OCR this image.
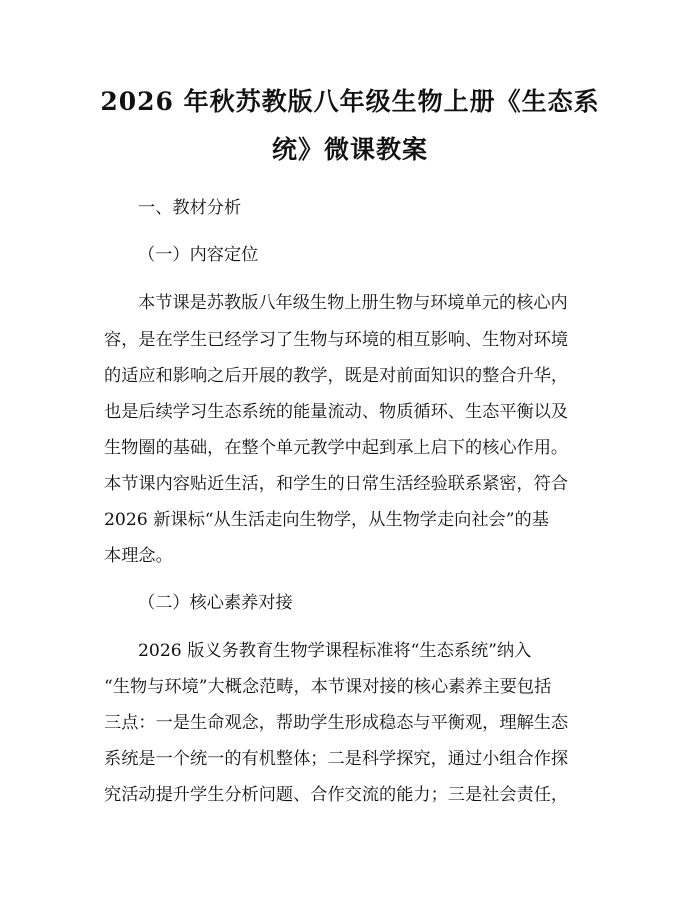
2026 年秋苏教版八年级生物上册《生态系
统》微课教案

一、教材分析

（一）内容定位

本节课是苏教版八年级生物上册生物与环境单元的核心内

容，是在学生已经学习了生物与环境的相互影响、生物对环境

的适应和影响之后开展的教学，既是对前面知识的整合升华，

也是后续学习生态系统的能量流动、物质循环、生态平衡以及

生物圈的基础，在整个单元教学中起到承上启下的核心作用。

本节课内容贴近生活，和学生的日常生活经验联系紧密，符合

2026 新课标“从生活走向生物学，从生物学走向社会”的基

本理念。

（二）核心素养对接

2026 版义务教育生物学课程标准将“生态系统”纳入

“生物与环境”大概念范畴，本节课对接的核心素养主要包括

三点：一是生命观念，帮助学生形成稳态与平衡观，理解生态

系统是一个统一的有机整体；二是科学探究，通过小组合作探

究活动提升学生分析问题、合作交流的能力；三是社会责任，
